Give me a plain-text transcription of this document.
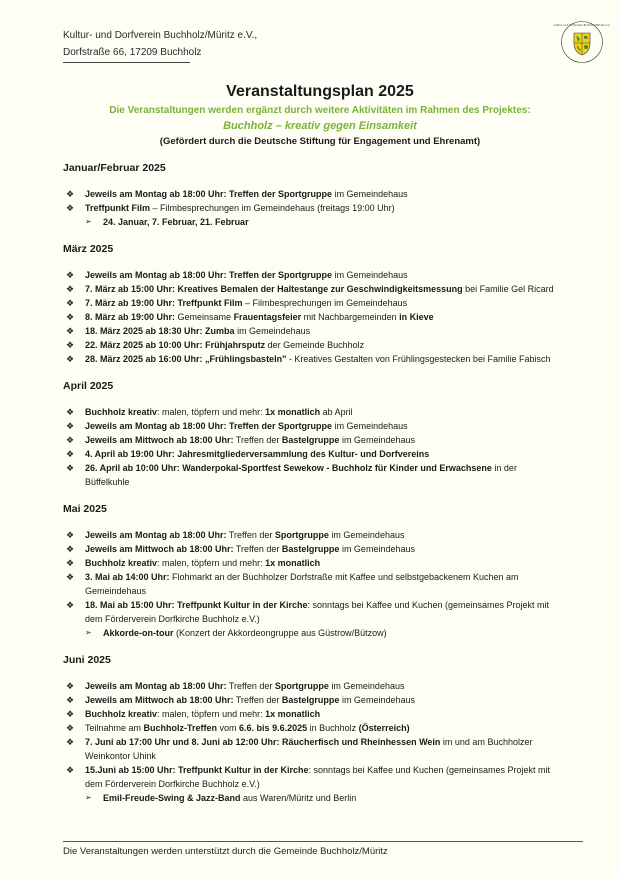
Kultur- und Dorfverein Buchholz/Müritz e.V.,
Dorfstraße 66, 17209 Buchholz
Kultur- und Dorfverein Buchholz/Müritz e.V.
Veranstaltungsplan 2025
Die Veranstaltungen werden ergänzt durch weitere Aktivitäten im Rahmen des Projektes:
Buchholz – kreativ gegen Einsamkeit
(Gefördert durch die Deutsche Stiftung für Engagement und Ehrenamt)
Januar/Februar 2025
❖	Jeweils am Montag ab 18:00 Uhr: Treffen der Sportgruppe im Gemeindehaus
❖	Treffpunkt Film – Filmbesprechungen im Gemeindehaus (freitags 19:00 Uhr)
➢ 24. Januar, 7. Februar, 21. Februar
März 2025
❖	Jeweils am Montag ab 18:00 Uhr: Treffen der Sportgruppe im Gemeindehaus
❖	7. März ab 15:00 Uhr: Kreatives Bemalen der Haltestange zur Geschwindigkeitsmessung bei Familie Gel Ricard
❖	7. März ab 19:00 Uhr: Treffpunkt Film – Filmbesprechungen im Gemeindehaus
❖	8. März ab 19:00 Uhr: Gemeinsame Frauentagsfeier mit Nachbargemeinden in Kieve
❖	18. März 2025 ab 18:30 Uhr: Zumba im Gemeindehaus
❖	22. März 2025 ab 10:00 Uhr: Frühjahrsputz der Gemeinde Buchholz
❖	28. März 2025 ab 16:00 Uhr: „Frühlingsbasteln" - Kreatives Gestalten von Frühlingsgestecken bei Familie Fabisch
April 2025
❖	Buchholz kreativ: malen, töpfern und mehr: 1x monatlich ab April
❖	Jeweils am Montag ab 18:00 Uhr: Treffen der Sportgruppe im Gemeindehaus
❖	Jeweils am Mittwoch ab 18:00 Uhr: Treffen der Bastelgruppe im Gemeindehaus
❖	4. April ab 19:00 Uhr: Jahresmitgliederversammlung des Kultur- und Dorfvereins
❖	26. April ab 10:00 Uhr: Wanderpokal-Sportfest Sewekow - Buchholz für Kinder und Erwachsene in der Büffelkuhle
Mai 2025
❖	Jeweils am Montag ab 18:00 Uhr: Treffen der Sportgruppe im Gemeindehaus
❖	Jeweils am Mittwoch ab 18:00 Uhr: Treffen der Bastelgruppe im Gemeindehaus
❖	Buchholz kreativ: malen, töpfern und mehr: 1x monatlich
❖	3. Mai ab 14:00 Uhr: Flohmarkt an der Buchholzer Dorfstraße mit Kaffee und selbstgebackenem Kuchen am Gemeindehaus
❖	18. Mai ab 15:00 Uhr: Treffpunkt Kultur in der Kirche: sonntags bei Kaffee und Kuchen (gemeinsames Projekt mit dem Förderverein Dorfkirche Buchholz e.V.)
➢ Akkorde-on-tour (Konzert der Akkordeongruppe aus Güstrow/Bützow)
Juni 2025
❖	Jeweils am Montag ab 18:00 Uhr: Treffen der Sportgruppe im Gemeindehaus
❖	Jeweils am Mittwoch ab 18:00 Uhr: Treffen der Bastelgruppe im Gemeindehaus
❖	Buchholz kreativ: malen, töpfern und mehr: 1x monatlich
❖	Teilnahme am Buchholz-Treffen vom 6.6. bis 9.6.2025 in Buchholz (Österreich)
❖	7. Juni ab 17:00 Uhr und 8. Juni ab 12:00 Uhr: Räucherfisch und Rheinhessen Wein im und am Buchholzer Weinkontor Uhink
❖	15.Juni ab 15:00 Uhr: Treffpunkt Kultur in der Kirche: sonntags bei Kaffee und Kuchen (gemeinsames Projekt mit dem Förderverein Dorfkirche Buchholz e.V.)
➢ Emil-Freude-Swing & Jazz-Band aus Waren/Müritz und Berlin
Die Veranstaltungen werden unterstützt durch die Gemeinde Buchholz/Müritz
